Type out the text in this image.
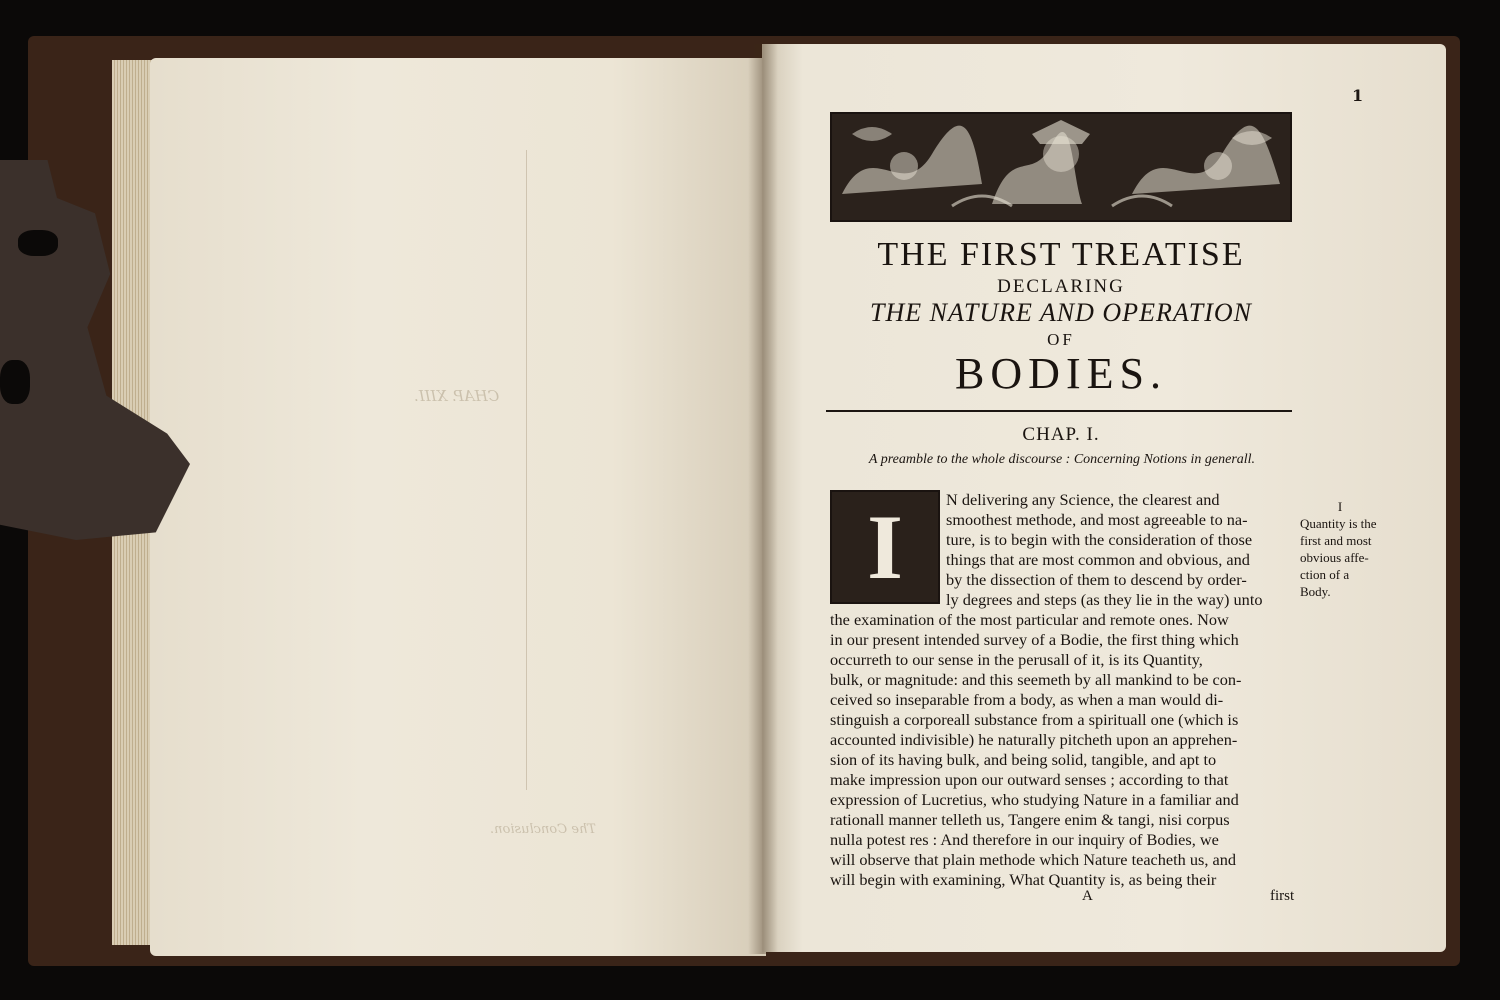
CHAP. XIII.
The Conclusion.
1
THE FIRST TREATISE
DECLARING
THE NATURE AND OPERATION
OF
BODIES.
CHAP. I.
A preamble to the whole discourse : Concerning Notions in generall.
I	N delivering any Science, the clearest and
smoothest methode, and most agreeable to na-
ture, is to begin with the consideration of those
things that are most common and obvious, and
by the dissection of them to descend by order-
ly degrees and steps (as they lie in the way) unto
the examination of the most particular and remote ones. Now
in our present intended survey of a Bodie, the first thing which
occurreth to our sense in the perusall of it, is its Quantity,
bulk, or magnitude: and this seemeth by all mankind to be con-
ceived so inseparable from a body, as when a man would di-
stinguish a corporeall substance from a spirituall one (which is
accounted indivisible) he naturally pitcheth upon an apprehen-
sion of its having bulk, and being solid, tangible, and apt to
make impression upon our outward senses ; according to that
expression of Lucretius, who studying Nature in a familiar and
rationall manner telleth us, Tangere enim & tangi, nisi corpus
nulla potest res : And therefore in our inquiry of Bodies, we
will observe that plain methode which Nature teacheth us, and
will begin with examining, What Quantity is, as being their
A	first
I
Quantity is the
first and most
obvious affe-
ction of a
Body.
